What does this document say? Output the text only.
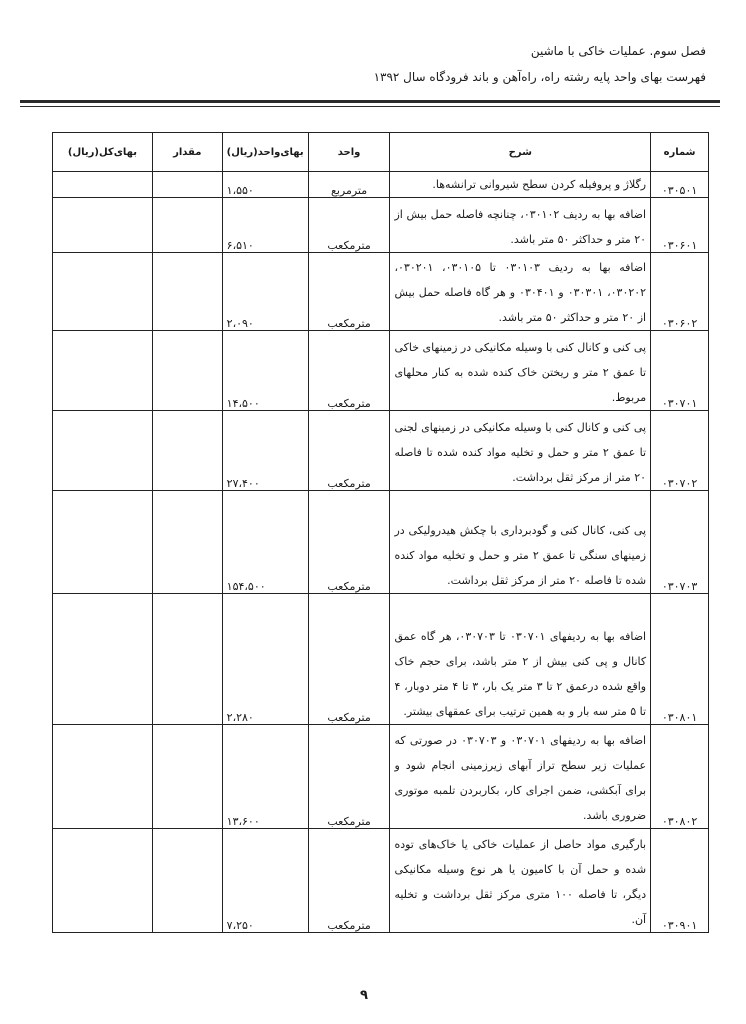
فصل سوم. عملیات خاکی با ماشین
فهرست بهای واحد پایه رشته راه، راه‌آهن و باند فرودگاه سال ۱۳۹۲
شماره	شرح	واحد	بهای‌واحد(ریال)	مقدار	بهای‌کل(ریال)
۰۳۰۵۰۱	رگلاژ و پروفیله کردن سطح شیروانی ترانشه‌ها.	مترمربع	۱،۵۵۰		
۰۳۰۶۰۱	اضافه بها به ردیف ۰۳۰۱۰۲، چنانچه فاصله حمل بیش از ۲۰ متر و حداکثر ۵۰ متر باشد.	مترمکعب	۶،۵۱۰		
۰۳۰۶۰۲	اضافه بها به ردیف ۰۳۰۱۰۳ تا ۰۳۰۱۰۵، ۰۳۰۲۰۱، ۰۳۰۲۰۲، ۰۳۰۳۰۱ و ۰۳۰۴۰۱ و هر گاه فاصله حمل بیش از ۲۰ متر و حداکثر ۵۰ متر باشد.	مترمکعب	۲،۰۹۰		
۰۳۰۷۰۱	پی کنی و کانال کنی با وسیله مکانیکی در زمینهای خاکی تا عمق ۲ متر و ریختن خاک کنده شده به کنار محلهای مربوط.	مترمکعب	۱۴،۵۰۰		
۰۳۰۷۰۲	پی کنی و کانال کنی با وسیله مکانیکی در زمینهای لجنی تا عمق ۲ متر و حمل و تخلیه مواد کنده شده تا فاصله ۲۰ متر از مرکز ثقل برداشت.	مترمکعب	۲۷،۴۰۰		
۰۳۰۷۰۳	پی کنی، کانال کنی و گودبرداری با چکش هیدرولیکی در زمینهای سنگی تا عمق ۲ متر و حمل و تخلیه مواد کنده شده تا فاصله ۲۰ متر از مرکز ثقل برداشت.	مترمکعب	۱۵۴،۵۰۰		
۰۳۰۸۰۱	اضافه بها به ردیفهای ۰۳۰۷۰۱ تا ۰۳۰۷۰۳، هر گاه عمق کانال و پی کنی بیش از ۲ متر باشد، برای حجم خاک واقع شده درعمق ۲ تا ۳ متر یک بار، ۳ تا ۴ متر دوبار، ۴ تا ۵ متر سه بار و به همین ترتیب برای عمقهای بیشتر.	مترمکعب	۲،۲۸۰		
۰۳۰۸۰۲	اضافه بها به ردیفهای ۰۳۰۷۰۱ و ۰۳۰۷۰۳ در صورتی که عملیات زیر سطح تراز آبهای زیرزمینی انجام شود و برای آبکشی، ضمن اجرای کار، بکاربردن تلمبه موتوری ضروری باشد.	مترمکعب	۱۳،۶۰۰		
۰۳۰۹۰۱	بارگیری مواد حاصل از عملیات خاکی یا خاک‌های توده شده و حمل آن با کامیون یا هر نوع وسیله مکانیکی دیگر، تا فاصله ۱۰۰ متری مرکز ثقل برداشت و تخلیه آن.	مترمکعب	۷،۲۵۰		
۹
